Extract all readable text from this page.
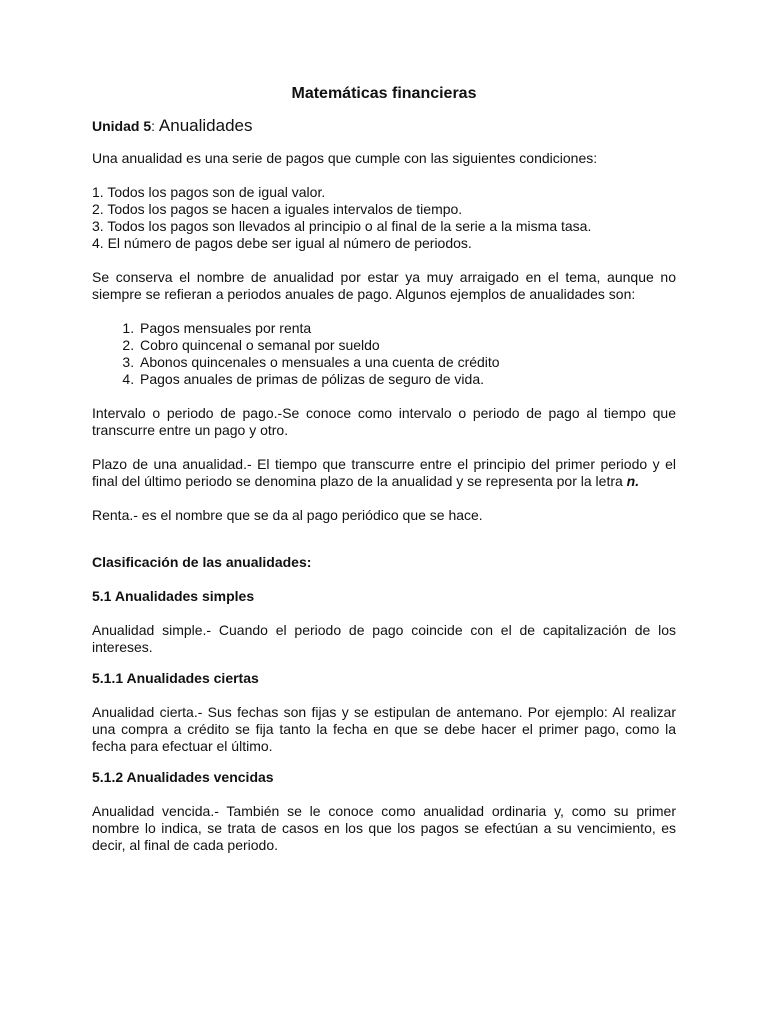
Matemáticas financieras
Unidad 5: Anualidades

Una anualidad es una serie de pagos que cumple con las siguientes condiciones:

1. Todos los pagos son de igual valor.
2. Todos los pagos se hacen a iguales intervalos de tiempo.
3. Todos los pagos son llevados al principio o al final de la serie a la misma tasa.
4. El número de pagos debe ser igual al número de periodos.

Se conserva el nombre de anualidad por estar ya muy arraigado en el tema, aunque no siempre se refieran a periodos anuales de pago. Algunos ejemplos de anualidades son:

1. Pagos mensuales por renta
2. Cobro quincenal o semanal por sueldo
3. Abonos quincenales o mensuales a una cuenta de crédito
4. Pagos anuales de primas de pólizas de seguro de vida.

Intervalo o periodo de pago.-Se conoce como intervalo o periodo de pago al tiempo que transcurre entre un pago y otro.

Plazo de una anualidad.- El tiempo que transcurre entre el principio del primer periodo y el final del último periodo se denomina plazo de la anualidad y se representa por la letra n.

Renta.- es el nombre que se da al pago periódico que se hace.

Clasificación de las anualidades:
5.1 Anualidades simples

Anualidad simple.- Cuando el periodo de pago coincide con el de capitalización de los intereses.

5.1.1 Anualidades ciertas

Anualidad cierta.- Sus fechas son fijas y se estipulan de antemano. Por ejemplo: Al realizar una compra a crédito se fija tanto la fecha en que se debe hacer el primer pago, como la fecha para efectuar el último.

5.1.2 Anualidades vencidas

Anualidad vencida.- También se le conoce como anualidad ordinaria y, como su primer nombre lo indica, se trata de casos en los que los pagos se efectúan a su vencimiento, es decir, al final de cada periodo.
